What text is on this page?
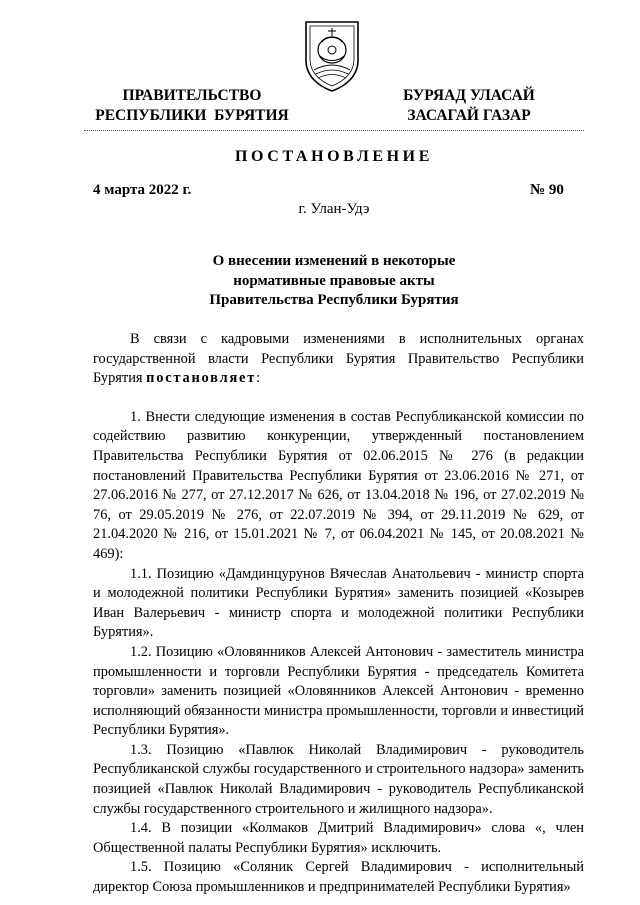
ПРАВИТЕЛЬСТВО
РЕСПУБЛИКИ  БУРЯТИЯ
БУРЯАД УЛАСАЙ
ЗАСАГАЙ ГАЗАР
ПОСТАНОВЛЕНИЕ
4 марта 2022 г.	№ 90
г. Улан-Удэ
О внесении изменений в некоторые
нормативные правовые акты
Правительства Республики Бурятия

В связи с кадровыми изменениями в исполнительных органах государственной власти Республики Бурятия Правительство Республики Бурятия постановляет:

1. Внести следующие изменения в состав Республиканской комиссии по содействию развитию конкуренции, утвержденный постановлением Правительства Республики Бурятия от 02.06.2015 № 276 (в редакции постановлений Правительства Республики Бурятия от 23.06.2016 № 271, от 27.06.2016 № 277, от 27.12.2017 № 626, от 13.04.2018 № 196, от 27.02.2019 № 76, от 29.05.2019 № 276, от 22.07.2019 № 394, от 29.11.2019 № 629, от 21.04.2020 № 216, от 15.01.2021 № 7, от 06.04.2021 № 145, от 20.08.2021 № 469):

1.1. Позицию «Дамдинцурунов Вячеслав Анатольевич - министр спорта и молодежной политики Республики Бурятия» заменить позицией «Козырев Иван Валерьевич - министр спорта и молодежной политики Республики Бурятия».

1.2. Позицию «Оловянников Алексей Антонович - заместитель министра промышленности и торговли Республики Бурятия - председатель Комитета торговли» заменить позицией «Оловянников Алексей Антонович - временно исполняющий обязанности министра промышленности, торговли и инвестиций Республики Бурятия».

1.3. Позицию «Павлюк Николай Владимирович - руководитель Республиканской службы государственного и строительного надзора» заменить позицией «Павлюк Николай Владимирович - руководитель Республиканской службы государственного строительного и жилищного надзора».

1.4. В позиции «Колмаков Дмитрий Владимирович» слова «, член Общественной палаты Республики Бурятия» исключить.

1.5. Позицию «Соляник Сергей Владимирович - исполнительный директор Союза промышленников и предпринимателей Республики Бурятия»
